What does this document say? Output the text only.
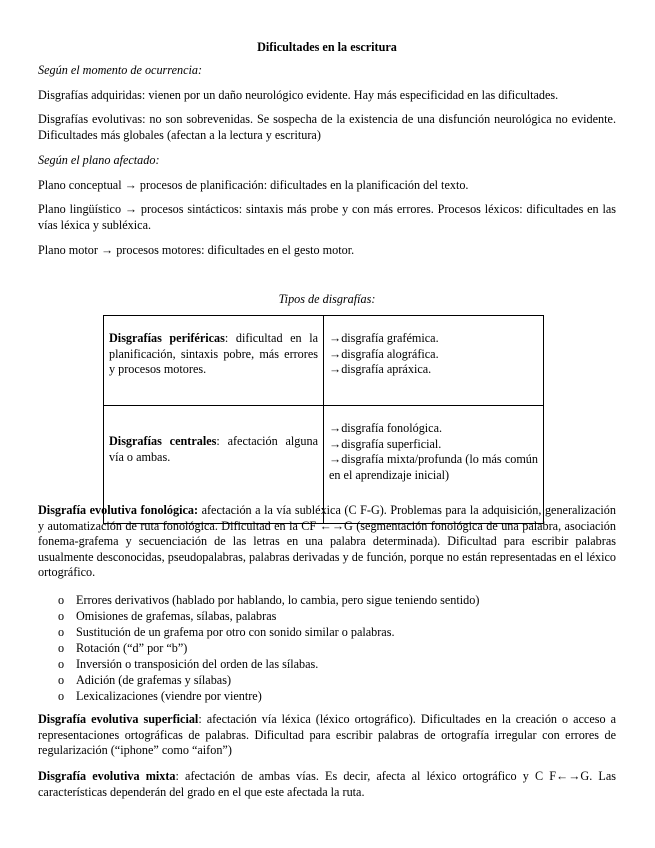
Dificultades en la escritura

Según el momento de ocurrencia:

Disgrafías adquiridas: vienen por un daño neurológico evidente. Hay más especificidad en las dificultades.

Disgrafías evolutivas: no son sobrevenidas. Se sospecha de la existencia de una disfunción neurológica no evidente. Dificultades más globales (afectan a la lectura y escritura)

Según el plano afectado:

Plano conceptual → procesos de planificación: dificultades en la planificación del texto.

Plano lingüístico → procesos sintácticos: sintaxis más probe y con más errores. Procesos léxicos: dificultades en las vías léxica y subléxica.

Plano motor → procesos motores: dificultades en el gesto motor.

Tipos de disgrafías:
Disgrafías periféricas: dificultad en la planificación, sintaxis pobre, más errores y procesos motores.	→disgrafía grafémica.
→disgrafía alográfica.
→disgrafía apráxica.

Disgrafías centrales: afectación alguna vía o ambas.	→disgrafía fonológica.
→disgrafía superficial.
→disgrafía mixta/profunda (lo más común en el aprendizaje inicial)

Disgrafía evolutiva fonológica: afectación a la vía subléxica (C F-G). Problemas para la adquisición, generalización y automatización de ruta fonológica. Dificultad en la CF ←→G (segmentación fonológica de una palabra, asociación fonema-grafema y secuenciación de las letras en una palabra determinada). Dificultad para escribir palabras usualmente desconocidas, pseudopalabras, palabras derivadas y de función, porque no están representadas en el léxico ortográfico.

o Errores derivativos (hablado por hablando, lo cambia, pero sigue teniendo sentido)
o Omisiones de grafemas, sílabas, palabras
o Sustitución de un grafema por otro con sonido similar o palabras.
o Rotación (“d” por “b”)
o Inversión o transposición del orden de las sílabas.
o Adición (de grafemas y sílabas)
o Lexicalizaciones (viendre por vientre)

Disgrafía evolutiva superficial: afectación vía léxica (léxico ortográfico). Dificultades en la creación o acceso a representaciones ortográficas de palabras. Dificultad para escribir palabras de ortografía irregular con errores de regularización (“iphone” como “aifon”)

Disgrafía evolutiva mixta: afectación de ambas vías. Es decir, afecta al léxico ortográfico y C F←→G. Las características dependerán del grado en el que este afectada la ruta.
